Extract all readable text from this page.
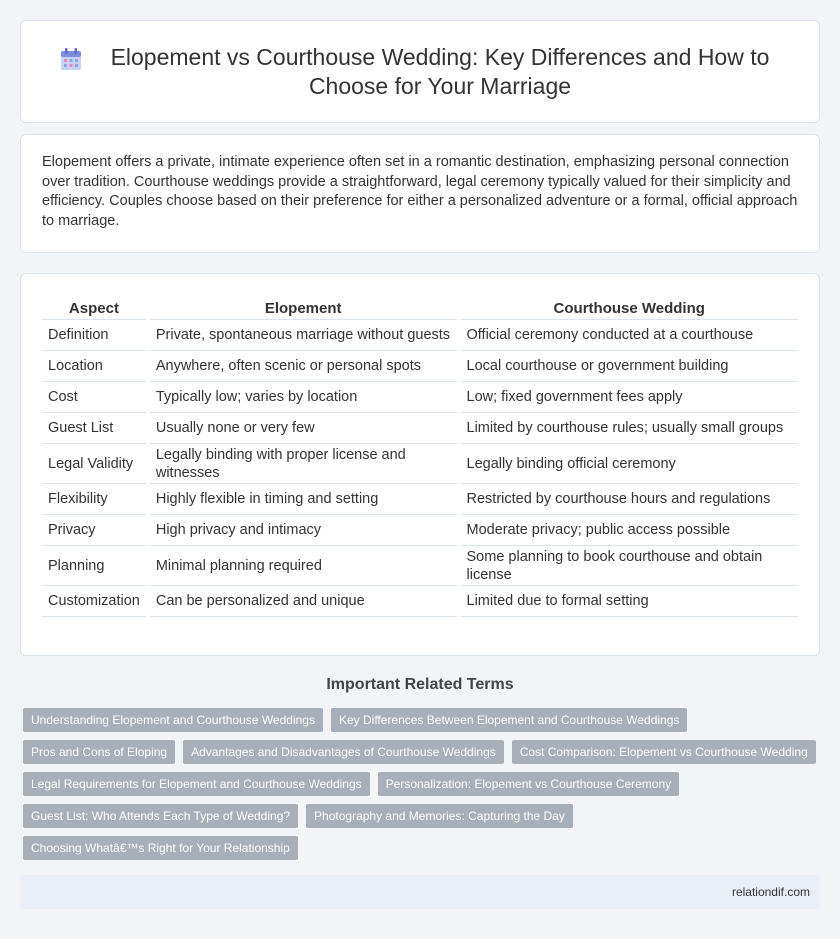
Elopement vs Courthouse Wedding: Key Differences and How to Choose for Your Marriage

Elopement offers a private, intimate experience often set in a romantic destination, emphasizing personal connection over tradition. Courthouse weddings provide a straightforward, legal ceremony typically valued for their simplicity and efficiency. Couples choose based on their preference for either a personalized adventure or a formal, official approach to marriage.

Aspect		Elopement		Courthouse Wedding
Definition		Private, spontaneous marriage without guests		Official ceremony conducted at a courthouse
Location		Anywhere, often scenic or personal spots		Local courthouse or government building
Cost		Typically low; varies by location		Low; fixed government fees apply
Guest List		Usually none or very few		Limited by courthouse rules; usually small groups
Legal Validity		Legally binding with proper license and witnesses		Legally binding official ceremony
Flexibility		Highly flexible in timing and setting		Restricted by courthouse hours and regulations
Privacy		High privacy and intimacy		Moderate privacy; public access possible
Planning		Minimal planning required		Some planning to book courthouse and obtain license
Customization		Can be personalized and unique		Limited due to formal setting
Important Related Terms
Understanding Elopement and Courthouse Weddings	Key Differences Between Elopement and Courthouse Weddings
Pros and Cons of Eloping	Advantages and Disadvantages of Courthouse Weddings	Cost Comparison: Elopement vs Courthouse Wedding
Legal Requirements for Elopement and Courthouse Weddings	Personalization: Elopement vs Courthouse Ceremony
Guest List: Who Attends Each Type of Wedding?	Photography and Memories: Capturing the Day
Choosing Whatâ€™s Right for Your Relationship
relationdif.com
